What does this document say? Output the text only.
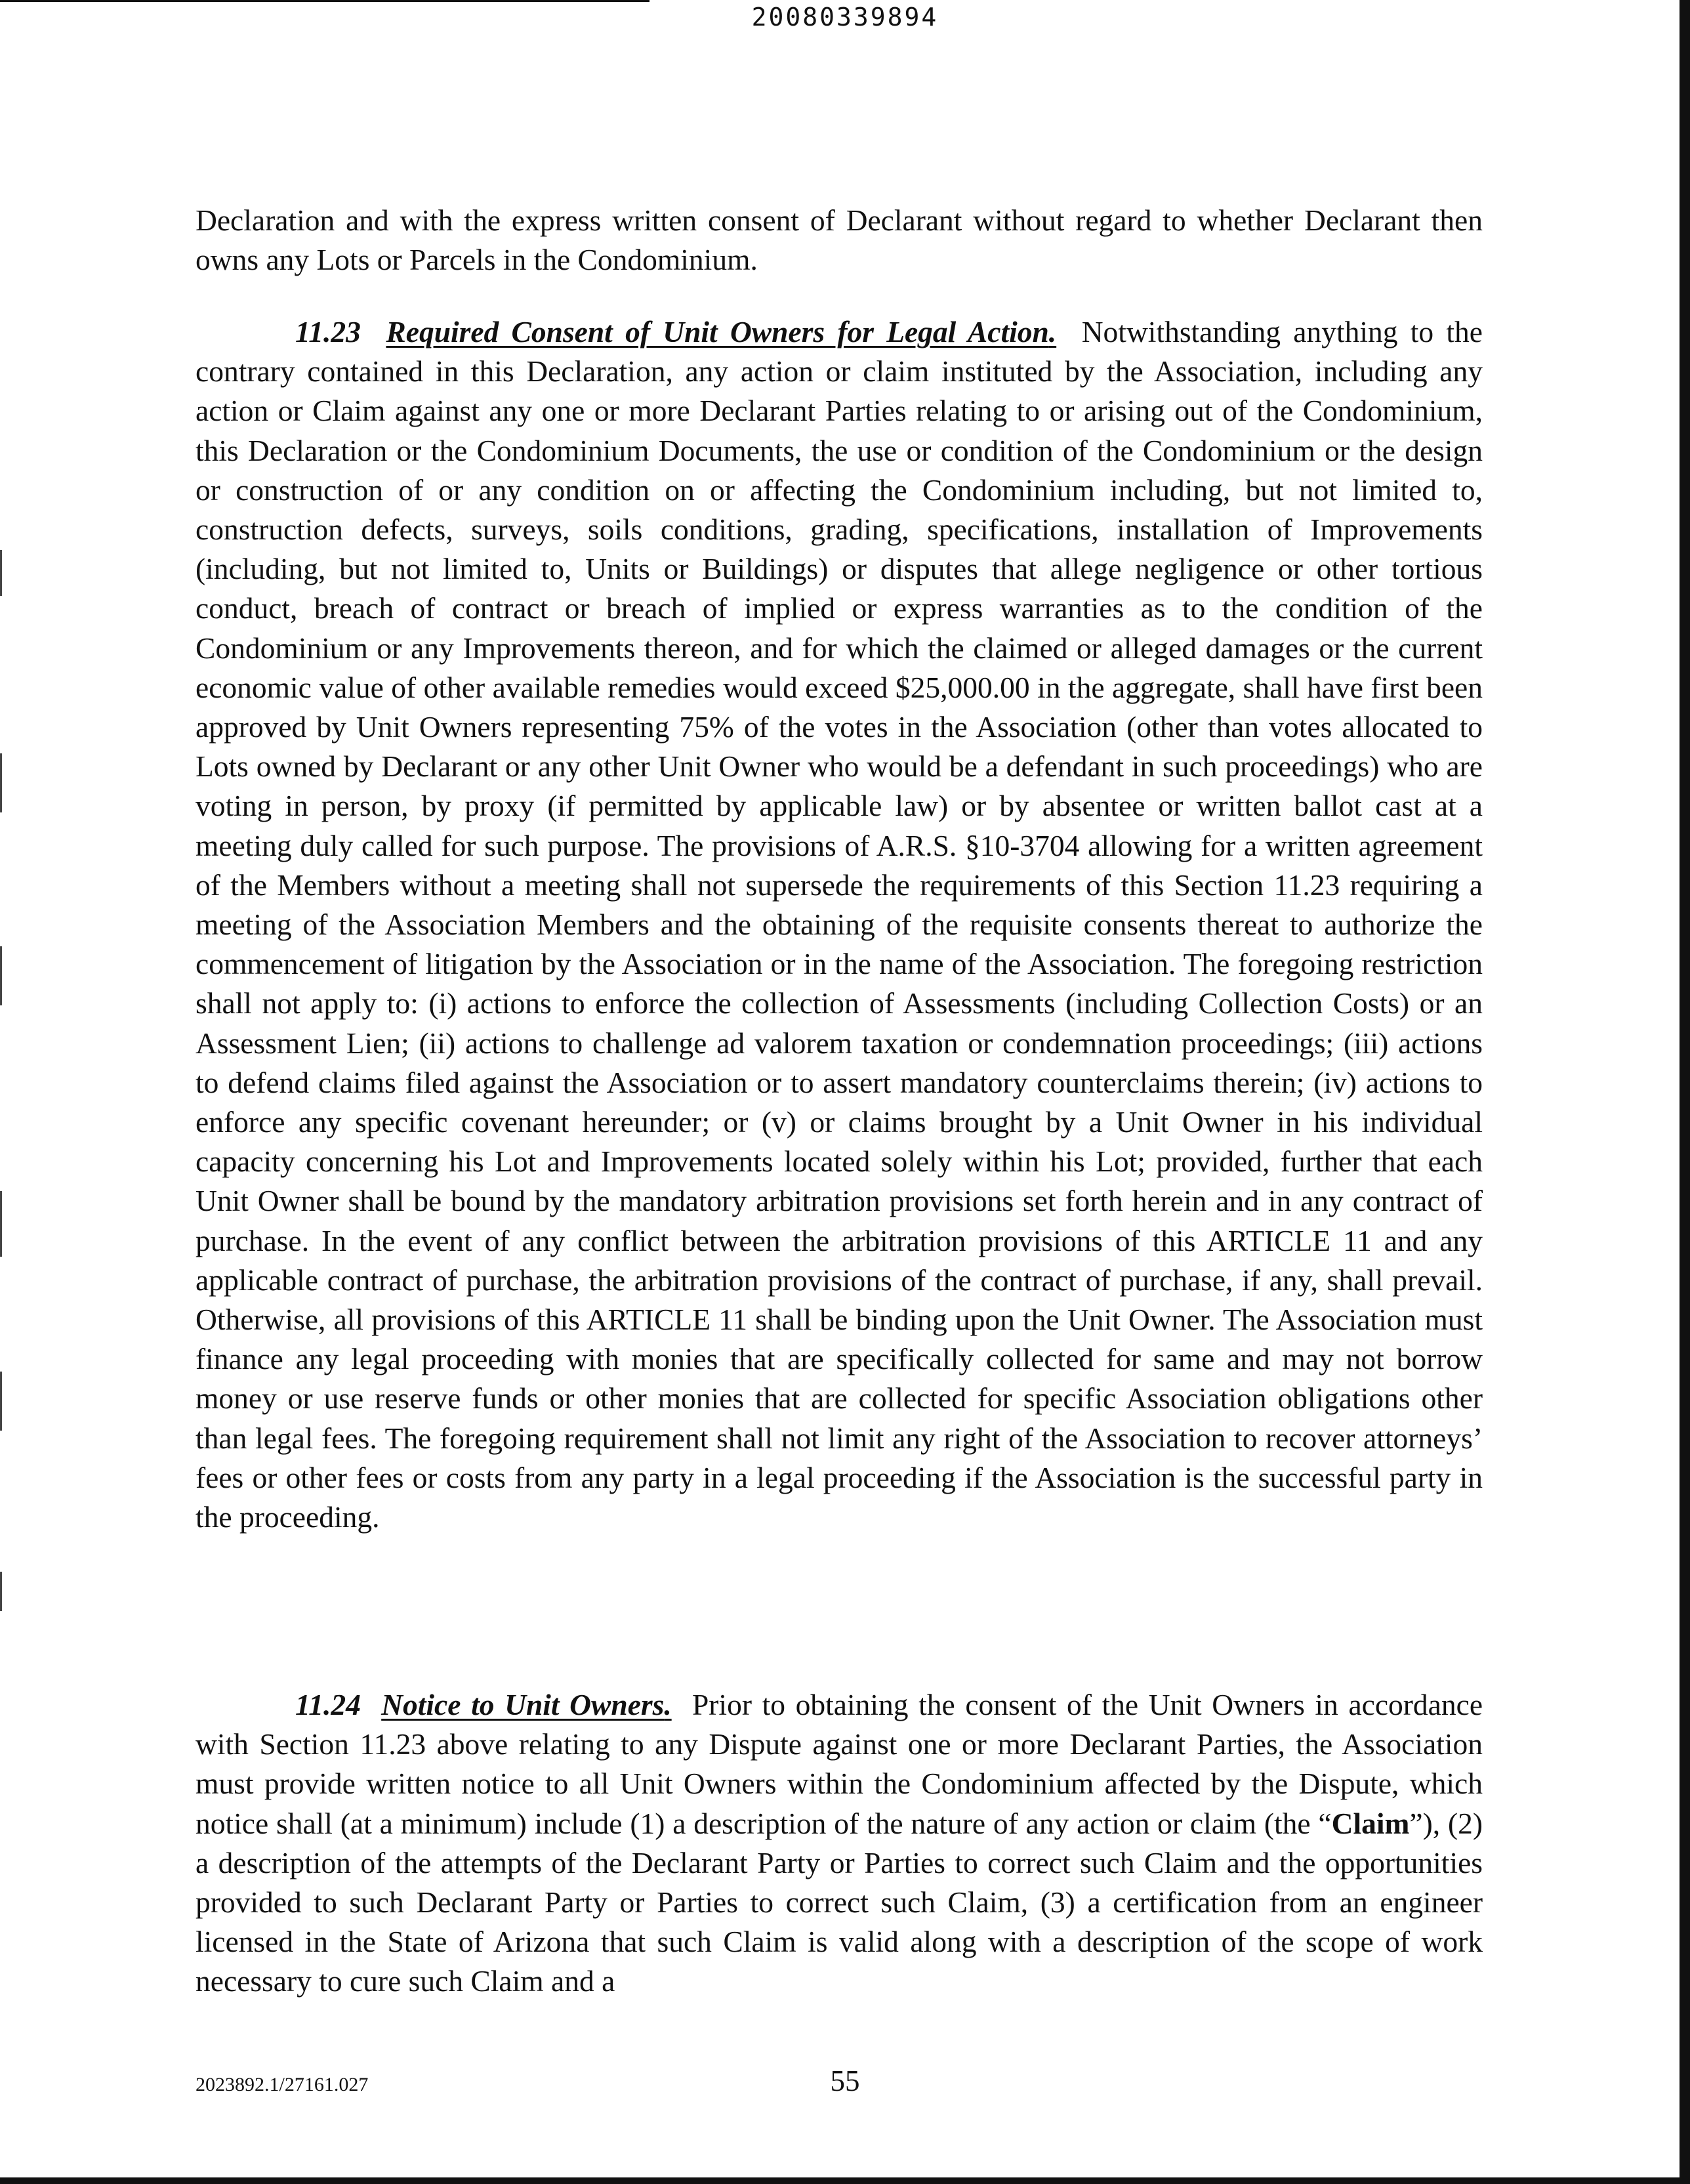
20080339894

Declaration and with the express written consent of Declarant without regard to whether Declarant then owns any Lots or Parcels in the Condominium.

11.23 Required Consent of Unit Owners for Legal Action. Notwithstanding anything to the contrary contained in this Declaration, any action or claim instituted by the Association, including any action or Claim against any one or more Declarant Parties relating to or arising out of the Condominium, this Declaration or the Condominium Documents, the use or condition of the Condominium or the design or construction of or any condition on or affecting the Condominium including, but not limited to, construction defects, surveys, soils conditions, grading, specifications, installation of Improvements (including, but not limited to, Units or Buildings) or disputes that allege negligence or other tortious conduct, breach of contract or breach of implied or express warranties as to the condition of the Condominium or any Improvements thereon, and for which the claimed or alleged damages or the current economic value of other available remedies would exceed $25,000.00 in the aggregate, shall have first been approved by Unit Owners representing 75% of the votes in the Association (other than votes allocated to Lots owned by Declarant or any other Unit Owner who would be a defendant in such proceedings) who are voting in person, by proxy (if permitted by applicable law) or by absentee or written ballot cast at a meeting duly called for such purpose. The provisions of A.R.S. §10-3704 allowing for a written agreement of the Members without a meeting shall not supersede the requirements of this Section 11.23 requiring a meeting of the Association Members and the obtaining of the requisite consents thereat to authorize the commencement of litigation by the Association or in the name of the Association. The foregoing restriction shall not apply to: (i) actions to enforce the collection of Assessments (including Collection Costs) or an Assessment Lien; (ii) actions to challenge ad valorem taxation or condemnation proceedings; (iii) actions to defend claims filed against the Association or to assert mandatory counterclaims therein; (iv) actions to enforce any specific covenant hereunder; or (v) or claims brought by a Unit Owner in his individual capacity concerning his Lot and Improvements located solely within his Lot; provided, further that each Unit Owner shall be bound by the mandatory arbitration provisions set forth herein and in any contract of purchase. In the event of any conflict between the arbitration provisions of this ARTICLE 11 and any applicable contract of purchase, the arbitration provisions of the contract of purchase, if any, shall prevail. Otherwise, all provisions of this ARTICLE 11 shall be binding upon the Unit Owner. The Association must finance any legal proceeding with monies that are specifically collected for same and may not borrow money or use reserve funds or other monies that are collected for specific Association obligations other than legal fees. The foregoing requirement shall not limit any right of the Association to recover attorneys’ fees or other fees or costs from any party in a legal proceeding if the Association is the successful party in the proceeding.

11.24 Notice to Unit Owners. Prior to obtaining the consent of the Unit Owners in accordance with Section 11.23 above relating to any Dispute against one or more Declarant Parties, the Association must provide written notice to all Unit Owners within the Condominium affected by the Dispute, which notice shall (at a minimum) include (1) a description of the nature of any action or claim (the “Claim”), (2) a description of the attempts of the Declarant Party or Parties to correct such Claim and the opportunities provided to such Declarant Party or Parties to correct such Claim, (3) a certification from an engineer licensed in the State of Arizona that such Claim is valid along with a description of the scope of work necessary to cure such Claim and a

2023892.1/27161.027	55
